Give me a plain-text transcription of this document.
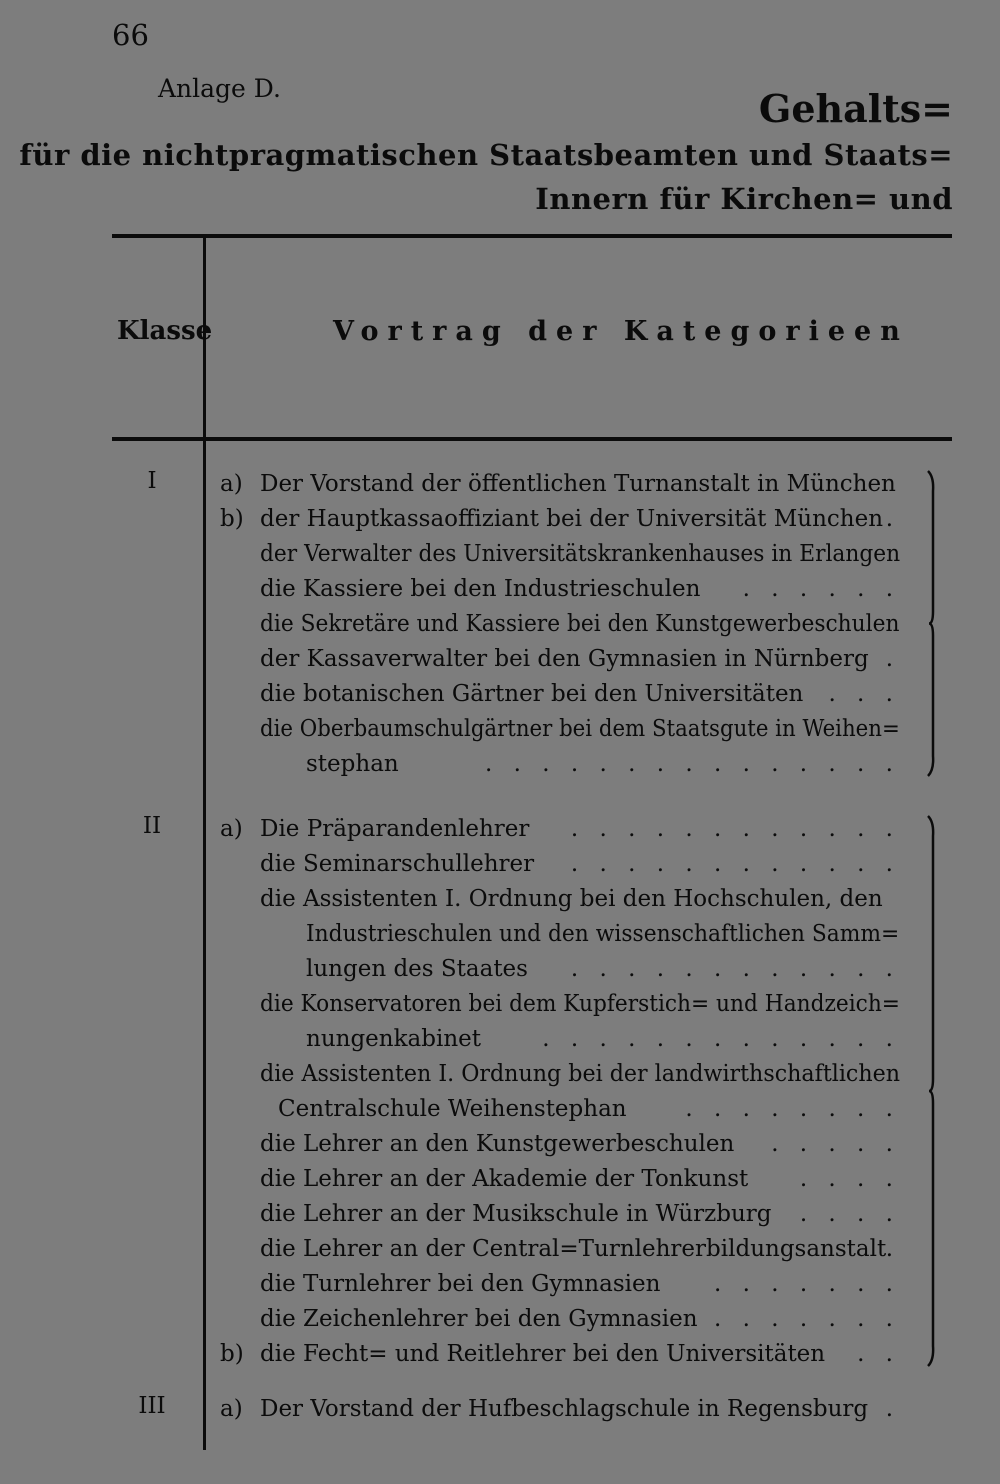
66
Anlage D.	Gehalts=
für die nichtpragmatischen Staatsbeamten und Staats=
Innern für Kirchen= und
Klasse	Vortrag der Kategorieen
I	a) Der Vorstand der öffentlichen Turnanstalt in München
b) der Hauptkassaoffiziant bei der Universität München .
der Verwalter des Universitätskrankenhauses in Erlangen
die Kassiere bei den Industrieschulen . . . . . .
die Sekretäre und Kassiere bei den Kunstgewerbeschulen
der Kassaverwalter bei den Gymnasien in Nürnberg .
die botanischen Gärtner bei den Universitäten . . .
die Oberbaumschulgärtner bei dem Staatsgute in Weihen=
stephan	. . . . . . . . . . . . . . .
II	a) Die Präparandenlehrer . . . . . . . . . . . .
die Seminarschullehrer . . . . . . . . . . . .
die Assistenten I. Ordnung bei den Hochschulen, den
Industrieschulen und den wissenschaftlichen Samm=
lungen des Staates . . . . . . . . . . . .
die Konservatoren bei dem Kupferstich= und Handzeich=
nungenkabinet	. . . . . . . . . . . . .
die Assistenten I. Ordnung bei der landwirthschaftlichen
Centralschule Weihenstephan	. . . . . . . .
die Lehrer an den Kunstgewerbeschulen . . . . .
die Lehrer an der Akademie der Tonkunst . . . .
die Lehrer an der Musikschule in Würzburg . . . .
die Lehrer an der Central=Turnlehrerbildungsanstalt .
die Turnlehrer bei den Gymnasien . . . . . . .
die Zeichenlehrer bei den Gymnasien . . . . . . .
b) die Fecht= und Reitlehrer bei den Universitäten . .
III	a) Der Vorstand der Hufbeschlagschule in Regensburg .
